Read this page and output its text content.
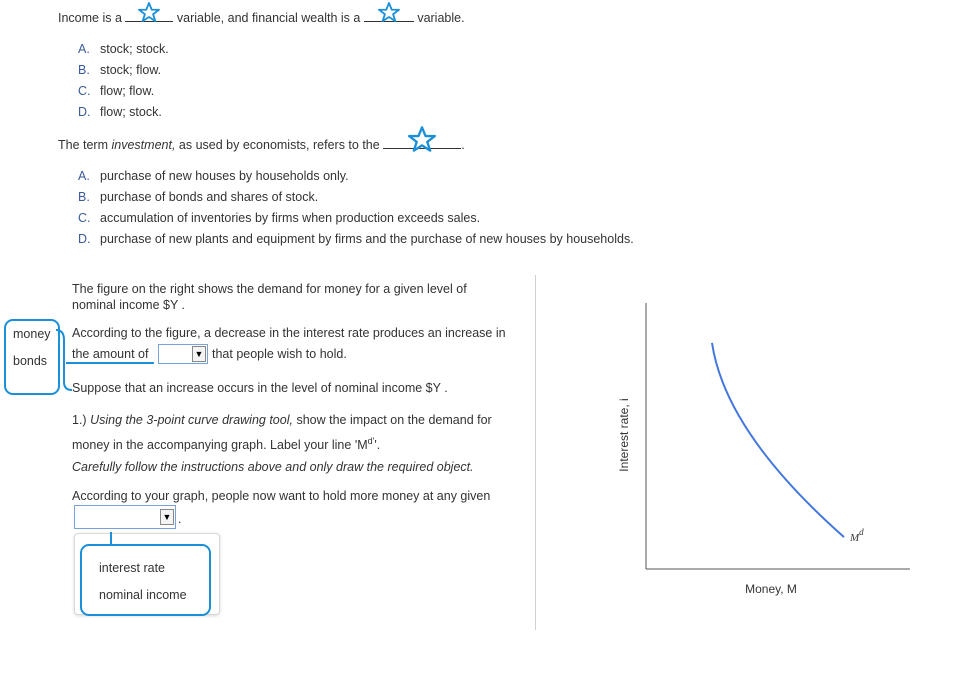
Income is a	variable, and financial wealth is a	variable.
A. stock; stock.
B. stock; flow.
C. flow; flow.
D. flow; stock.
The term investment, as used by economists, refers to the	.
A. purchase of new houses by households only.
B. purchase of bonds and shares of stock.
C. accumulation of inventories by firms when production exceeds sales.
D. purchase of new plants and equipment by firms and the purchase of new houses by households.
The figure on the right shows the demand for money for a given level of
nominal income $Y .
According to the figure, a decrease in the interest rate produces an increase in
the amount of	▼ that people wish to hold.
money
bonds
Suppose that an increase occurs in the level of nominal income $Y .
1.) Using the 3-point curve drawing tool, show the impact on the demand for
money in the accompanying graph. Label your line '$M^{d'}$'.
Carefully follow the instructions above and only draw the required object.
According to your graph, people now want to hold more money at any given
▼ .
interest rate
nominal income
$M^d$
Money, M
Interest rate, i
